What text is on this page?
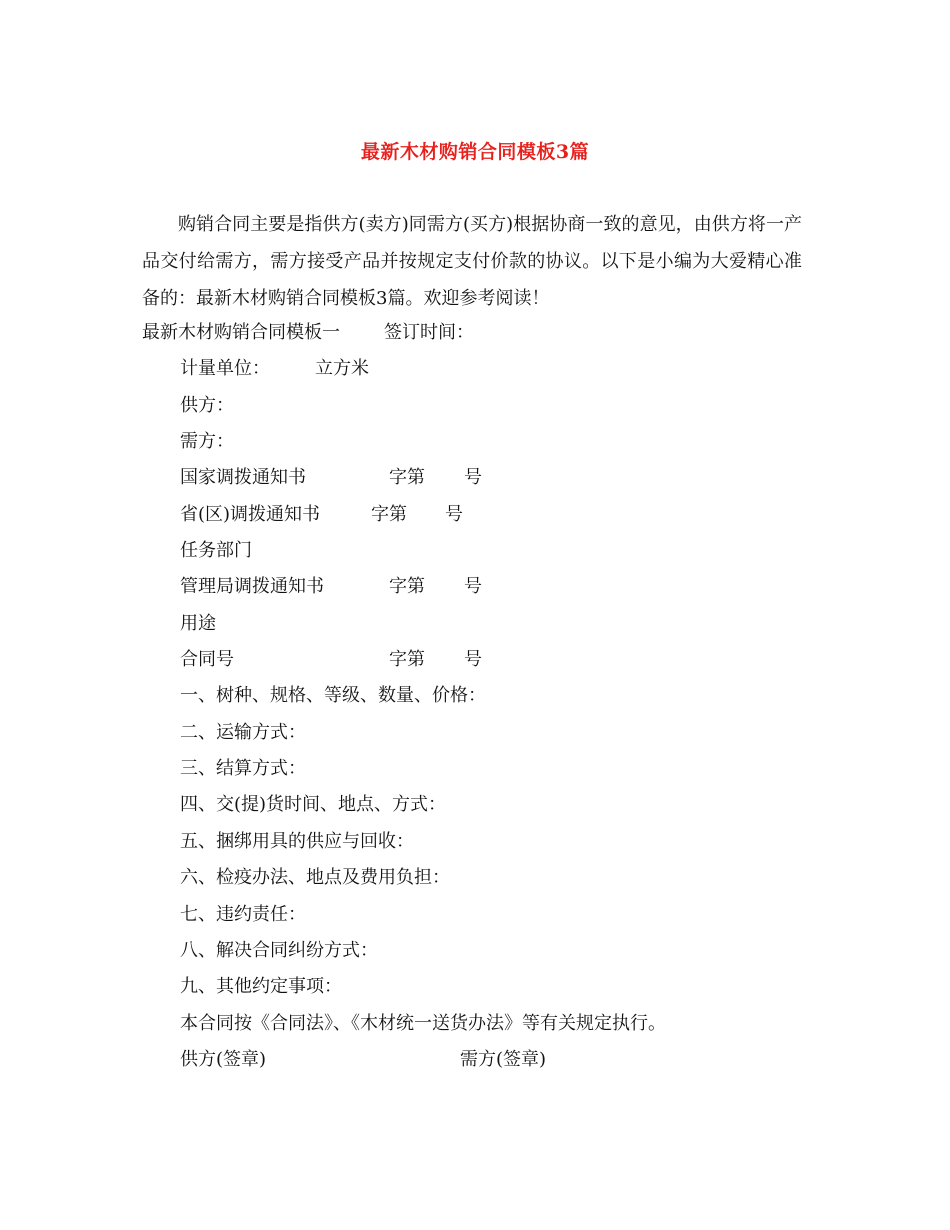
最新木材购销合同模板3篇
购销合同主要是指供方(卖方)同需方(买方)根据协商一致的意见，由供方将一产品交付给需方，需方接受产品并按规定支付价款的协议。以下是小编为大爱精心准备的：最新木材购销合同模板3篇。欢迎参考阅读！
最新木材购销合同模板一 签订时间：
计量单位：	立方米
供方：
需方：
国家调拨通知书	字第 号
省(区)调拨通知书	字第 号
任务部门
管理局调拨通知书	字第 号
用途
合同号	字第 号
一、树种、规格、等级、数量、价格：
二、运输方式：
三、结算方式：
四、交(提)货时间、地点、方式：
五、捆绑用具的供应与回收：
六、检疫办法、地点及费用负担：
七、违约责任：
八、解决合同纠纷方式：
九、其他约定事项：
本合同按《合同法》、《木材统一送货办法》等有关规定执行。
供方(签章)	需方(签章)
